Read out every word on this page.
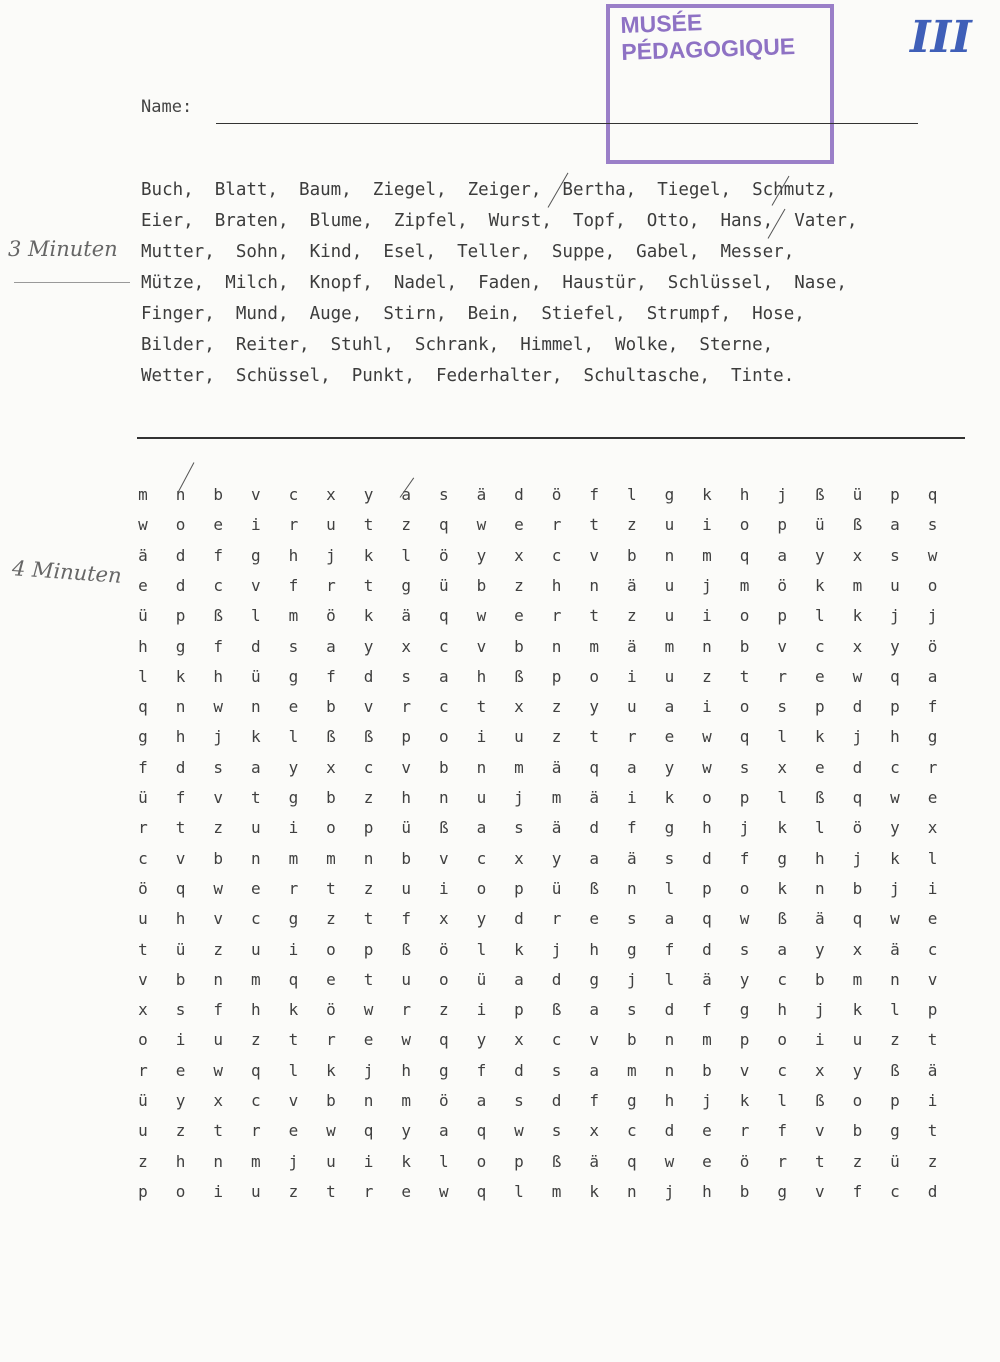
MUSÉE PÉDAGOGIQUE	III
Name:
3 Minuten
4 Minuten
Buch,  Blatt,  Baum,  Ziegel,  Zeiger,  Bertha,  Tiegel,  Schmutz,
Eier,  Braten,  Blume,  Zipfel,  Wurst,  Topf,  Otto,  Hans,  Vater,
Mutter,  Sohn,  Kind,  Esel,  Teller,  Suppe,  Gabel,  Messer,
Mütze,  Milch,  Knopf,  Nadel,  Faden,  Haustür,  Schlüssel,  Nase,
Finger,  Mund,  Auge,  Stirn,  Bein,  Stiefel,  Strumpf,  Hose,
Bilder,  Reiter,  Stuhl,  Schrank,  Himmel,  Wolke,  Sterne,
Wetter,  Schüssel,  Punkt,  Federhalter,  Schultasche,  Tinte.
m	n	b	v	c	x	y	a	s	ä	d	ö	f	l	g	k	h	j	ß	ü	p	q
w	o	e	i	r	u	t	z	q	w	e	r	t	z	u	i	o	p	ü	ß	a	s
ä	d	f	g	h	j	k	l	ö	y	x	c	v	b	n	m	q	a	y	x	s	w
e	d	c	v	f	r	t	g	ü	b	z	h	n	ä	u	j	m	ö	k	m	u	o
ü	p	ß	l	m	ö	k	ä	q	w	e	r	t	z	u	i	o	p	l	k	j	j
h	g	f	d	s	a	y	x	c	v	b	n	m	ä	m	n	b	v	c	x	y	ö
l	k	h	ü	g	f	d	s	a	h	ß	p	o	i	u	z	t	r	e	w	q	a
q	n	w	n	e	b	v	r	c	t	x	z	y	u	a	i	o	s	p	d	p	f
g	h	j	k	l	ß	ß	p	o	i	u	z	t	r	e	w	q	l	k	j	h	g
f	d	s	a	y	x	c	v	b	n	m	ä	q	a	y	w	s	x	e	d	c	r
ü	f	v	t	g	b	z	h	n	u	j	m	ä	i	k	o	p	l	ß	q	w	e
r	t	z	u	i	o	p	ü	ß	a	s	ä	d	f	g	h	j	k	l	ö	y	x
c	v	b	n	m	m	n	b	v	c	x	y	a	ä	s	d	f	g	h	j	k	l
ö	q	w	e	r	t	z	u	i	o	p	ü	ß	n	l	p	o	k	n	b	j	i
u	h	v	c	g	z	t	f	x	y	d	r	e	s	a	q	w	ß	ä	q	w	e
t	ü	z	u	i	o	p	ß	ö	l	k	j	h	g	f	d	s	a	y	x	ä	c
v	b	n	m	q	e	t	u	o	ü	a	d	g	j	l	ä	y	c	b	m	n	v
x	s	f	h	k	ö	w	r	z	i	p	ß	a	s	d	f	g	h	j	k	l	p
o	i	u	z	t	r	e	w	q	y	x	c	v	b	n	m	p	o	i	u	z	t
r	e	w	q	l	k	j	h	g	f	d	s	a	m	n	b	v	c	x	y	ß	ä
ü	y	x	c	v	b	n	m	ö	a	s	d	f	g	h	j	k	l	ß	o	p	i
u	z	t	r	e	w	q	y	a	q	w	s	x	c	d	e	r	f	v	b	g	t
z	h	n	m	j	u	i	k	l	o	p	ß	ä	q	w	e	ö	r	t	z	ü	z
p	o	i	u	z	t	r	e	w	q	l	m	k	n	j	h	b	g	v	f	c	d
